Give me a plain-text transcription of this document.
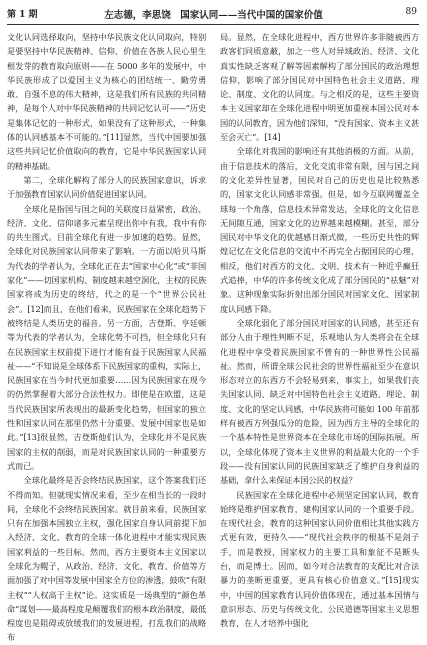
第 1 期	左志德，李思饶　国家认同——当代中国的国家价值	89

文化认同选择取向，坚持中华民族文化认同取向，特别是要坚持中华民族精神、信仰、价值在各族人民心里生根发芽的教育取向原则——在 5000 多年的发展中，中华民族形成了以爱国主义为核心的团结统一、勤劳勇敢、自强不息的伟大精神，这是我们所有民族的共同精神，是每个人对中华民族精神的共同记忆认可——“历史是集体记忆的一种形式，如果没有了这种形式，一种集体的认同感基本不可能的。”[11]显然，当代中国要加强这些共同记忆价值取向的教育，它是中华民族国家认同的精神基础。

第二，全球化解构了部分人的民族国家意识，诉求于加强教育国家认同价值促进国家认同。

全球化是指国与国之间的关联度日益紧密，政治、经济、文化、信仰诸多元素呈现出你中有我，我中有你的共生图式。目前全球化有进一步加速的趋势。显然，全球化对民族国家认同带来了影响。一方面以哈贝马斯为代表的学者认为，全球化正在去“国家中心化”或“非国家化”——切国家机构、制度越来越空洞化，主权的民族国家将成为历史的终结，代之的是一个“世界公民社会”。[12]而且，在他们看来，民族国家在全球化趋势下被终结是人类历史的福音。另一方面，吉登斯、亨廷顿等为代表的学者认为，全球化势不可挡，但全球化只有在民族国家主权前提下进行才能有益于民族国家人民福祉——“不知说是全球体系下民族国家的重构，实际上，民族国家在当今时代更加重要……因为民族国家在现今的仍然掌握着大部分合法性权力。即使是在欧盟，这是当代民族国家所表现出的最新变化趋势，但国家的独立性和国家认同在那里仍然十分重要。发展中国家也是如此。”[13]很显然，吉登斯他们认为，全球化并不是民族国家的主权的削弱，而是对民族国家认同的一种重要方式而已。

全球化最终是否会终结民族国家，这个答案我们还不得而知。但就现实情况来看，至少在相当长的一段时间，全球化不会终结民族国家。就目前来看，民族国家只有在加强本国独立主权，强化国家自身认同前提下加入经济、文化、教育的全球一体化进程中才能实现民族国家利益的一些目标。然而，西方主要资本主义国家以全球化为幌子，从政治、经济、文化、教育、价值等方面加强了对中国等发展中国家全方位的渗透，鼓吹“有限主权”“人权高于主权”论。这实质是一场典型的“颜色革命”谋划——最高程度是颠覆我们的根本政治制度，最低程度也是阻碍或放缓我们的发展进程，打乱我们的战略布

局。显然，在全球化进程中，西方世界许多非随被西方政客们同质意蔽，加之一些人对异域政治、经济、文化真实性缺乏客观了解等因素解构了部分国民的政治理想信仰，影响了部分国民对中国特色社会主义道路、理论、制度、文化的认同度。与之相反的是，这些主要资本主义国家却在全球化进程中明更加重视本国公民对本国的认同教育，因为他们深知，“没有国家、资本主义甚至会灭亡”。[14]

全球化对我国的影响还有其他消极的方面。从前，由于信息技术的落后，文化交流非常有限，国与国之间的文化差异性显著，国民对自己的历史也是比较熟悉的，国家文化认同感非常强。但是，如今互联网覆盖全球每一个角落，信息技术异常发达，全球化的文化信息无间隙互通，国家文化的边界越来越模糊。甚至，部分国民对中华文化的优越感日渐式微，一些历史共性的辉煌记忆在文化信息的交流中不再完全占据国民的心理，相反，他们对西方的文化、文明、技术有一种近乎癫狂式追捧，中华的许多传统文化成了部分国民的“祛魅”对象。这种现象实际折射出部分国民对国家文化、国家制度认同感下降。

全球化弱化了部分国民对国家的认同感，甚至还有部分人由于理性判断不足，乐观地认为人类将会在全球化进程中享受着民族国家不曾有的一种世界性公民福祉。然而，所谓全球公民社会的世界性福祉至少在意识形态对立的东西方不会轻易到来，事实上，如果我们丧失国家认同、缺乏对中国特色社会主义道路、理论、制度、文化的坚定认同感，中华民族将可能如 100 年前那样有被西方列强瓜分的危险，因为西方主导的全球化的一个基本特性是世界资本在全球化市场的国际拓展。所以，全球化体现了资本主义世界的利益最大化的一个手段——没有国家认同的民族国家缺乏了维护自身利益的基础，拿什么来保证本国公民的权益？

民族国家在全球化进程中必须坚定国家认同，教育始终是维护国家教育，建构国家认同的一个重要手段。在现代社会，教育的这种国家认同价值相比其他实践方式更有效，更持久——“现代社会秩序的根基不是刽子手，而是教授，国家权力的主要工具和象征不是断头台，而是博士。因而，如今对合法教育的支配比对合法暴力的垄断更重要，更具有核心价值意义。”[15]现实中，中国的国家教育认同价值体现在，通过基本国情与意识形态、历史与传统文化、公民道德等国家主义思想教育，在人才培养中强化
